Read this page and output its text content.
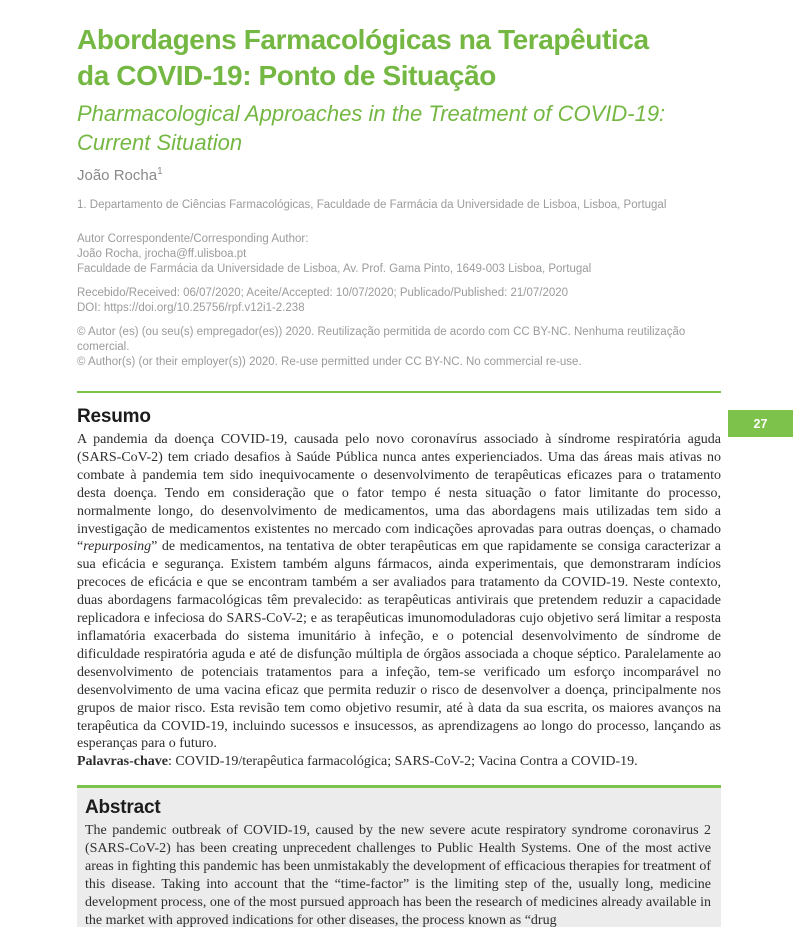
Abordagens Farmacológicas na Terapêutica
da COVID-19: Ponto de Situação
Pharmacological Approaches in the Treatment of COVID-19:
Current Situation
João Rocha$^1$
1. Departamento de Ciências Farmacológicas, Faculdade de Farmácia da Universidade de Lisboa, Lisboa, Portugal
Autor Correspondente/Corresponding Author:
João Rocha, jrocha@ff.ulisboa.pt
Faculdade de Farmácia da Universidade de Lisboa, Av. Prof. Gama Pinto, 1649-003 Lisboa, Portugal
Recebido/Received: 06/07/2020; Aceite/Accepted: 10/07/2020; Publicado/Published: 21/07/2020
DOI: https://doi.org/10.25756/rpf.v12i1-2.238
© Autor (es) (ou seu(s) empregador(es)) 2020. Reutilização permitida de acordo com CC BY-NC. Nenhuma reutilização comercial.
© Author(s) (or their employer(s)) 2020. Re-use permitted under CC BY-NC. No commercial re-use.
Resumo
A pandemia da doença COVID-19, causada pelo novo coronavírus associado à síndrome respiratória aguda (SARS-CoV-2) tem criado desafios à Saúde Pública nunca antes experienciados. Uma das áreas mais ativas no combate à pandemia tem sido inequivocamente o desenvolvimento de terapêuticas eficazes para o tratamento desta doença. Tendo em consideração que o fator tempo é nesta situação o fator limitante do processo, normalmente longo, do desenvolvimento de medicamentos, uma das abordagens mais utilizadas tem sido a investigação de medicamentos existentes no mercado com indicações aprovadas para outras doenças, o chamado “repurposing” de medicamentos, na tentativa de obter terapêuticas em que rapidamente se consiga caracterizar a sua eficácia e segurança. Existem também alguns fármacos, ainda experimentais, que demonstraram indícios precoces de eficácia e que se encontram também a ser avaliados para tratamento da COVID-19. Neste contexto, duas abordagens farmacológicas têm prevalecido: as terapêuticas antivirais que pretendem reduzir a capacidade replicadora e infeciosa do SARS-CoV-2; e as terapêuticas imunomoduladoras cujo objetivo será limitar a resposta inflamatória exacerbada do sistema imunitário à infeção, e o potencial desenvolvimento de síndrome de dificuldade respiratória aguda e até de disfunção múltipla de órgãos associada a choque séptico. Paralelamente ao desenvolvimento de potenciais tratamentos para a infeção, tem-se verificado um esforço incomparável no desenvolvimento de uma vacina eficaz que permita reduzir o risco de desenvolver a doença, principalmente nos grupos de maior risco. Esta revisão tem como objetivo resumir, até à data da sua escrita, os maiores avanços na terapêutica da COVID-19, incluindo sucessos e insucessos, as aprendizagens ao longo do processo, lançando as esperanças para o futuro.
Palavras-chave: COVID-19/terapêutica farmacológica; SARS-CoV-2; Vacina Contra a COVID-19.
Abstract
The pandemic outbreak of COVID-19, caused by the new severe acute respiratory syndrome coronavirus 2 (SARS-CoV-2) has been creating unprecedent challenges to Public Health Systems. One of the most active areas in fighting this pandemic has been unmistakably the development of efficacious therapies for treatment of this disease. Taking into account that the “time-factor” is the limiting step of the, usually long, medicine development process, one of the most pursued approach has been the research of medicines already available in the market with approved indications for other diseases, the process known as “drug
27
